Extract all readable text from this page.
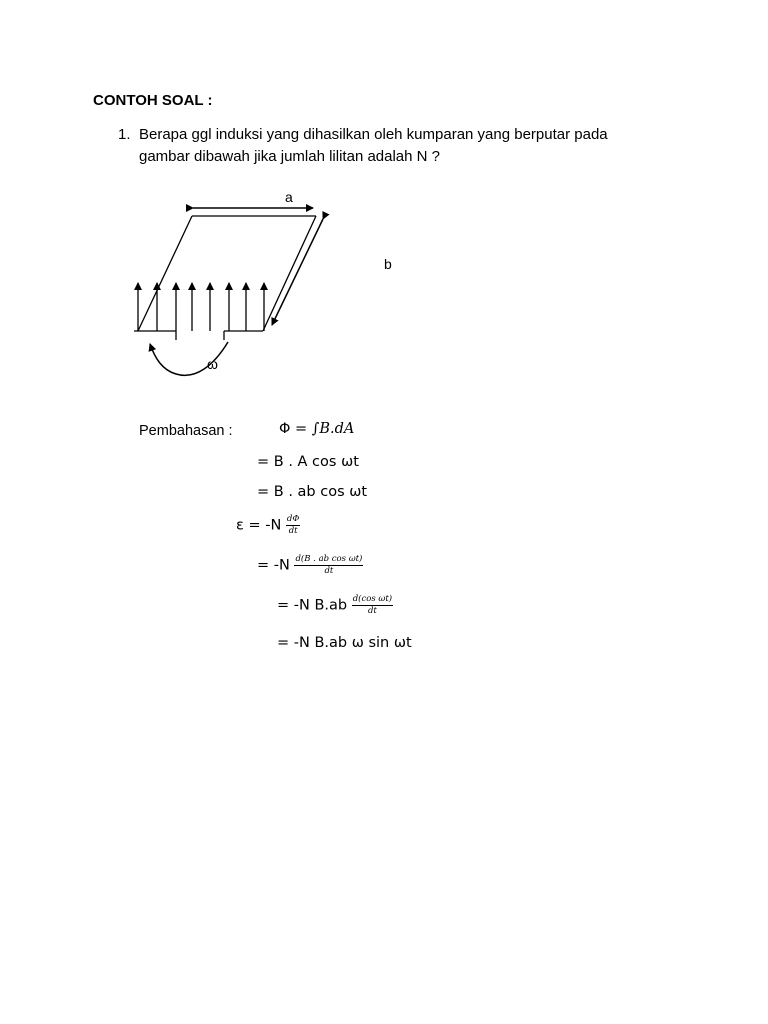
CONTOH SOAL :
1. Berapa ggl induksi yang dihasilkan oleh kumparan yang berputar pada
gambar dibawah jika jumlah lilitan adalah N ?
a
b
ω
Pembahasan :	Φ = ∫B.dA
= B . A cos ωt
= B . ab cos ωt
$\varepsilon = -N \frac{d\Phi}{dt}$
= $-N \frac{\text{d(B . ab cos ωt)}}{dt}$
= -N $B.ab \frac{\text{d(cos ωt)}}{dt}$
= -N B.ab ω sin ωt
